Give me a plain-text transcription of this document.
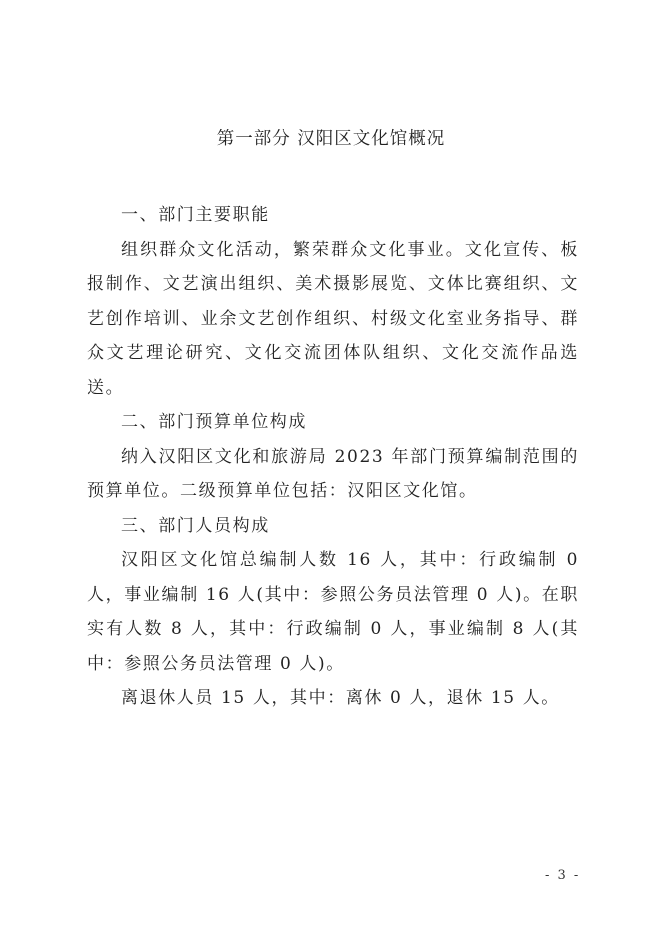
第一部分 汉阳区文化馆概况

一、部门主要职能

组织群众文化活动，繁荣群众文化事业。文化宣传、板报制作、文艺演出组织、美术摄影展览、文体比赛组织、文艺创作培训、业余文艺创作组织、村级文化室业务指导、群众文艺理论研究、文化交流团体队组织、文化交流作品选送。

二、部门预算单位构成

纳入汉阳区文化和旅游局 2023 年部门预算编制范围的预算单位。二级预算单位包括：汉阳区文化馆。

三、部门人员构成

汉阳区文化馆总编制人数 16 人，其中：行政编制 0 人，事业编制 16 人(其中：参照公务员法管理 0 人)。在职实有人数 8 人，其中：行政编制 0 人，事业编制 8 人(其中：参照公务员法管理 0 人)。

离退休人员 15 人，其中：离休 0 人，退休 15 人。

- 3 -
